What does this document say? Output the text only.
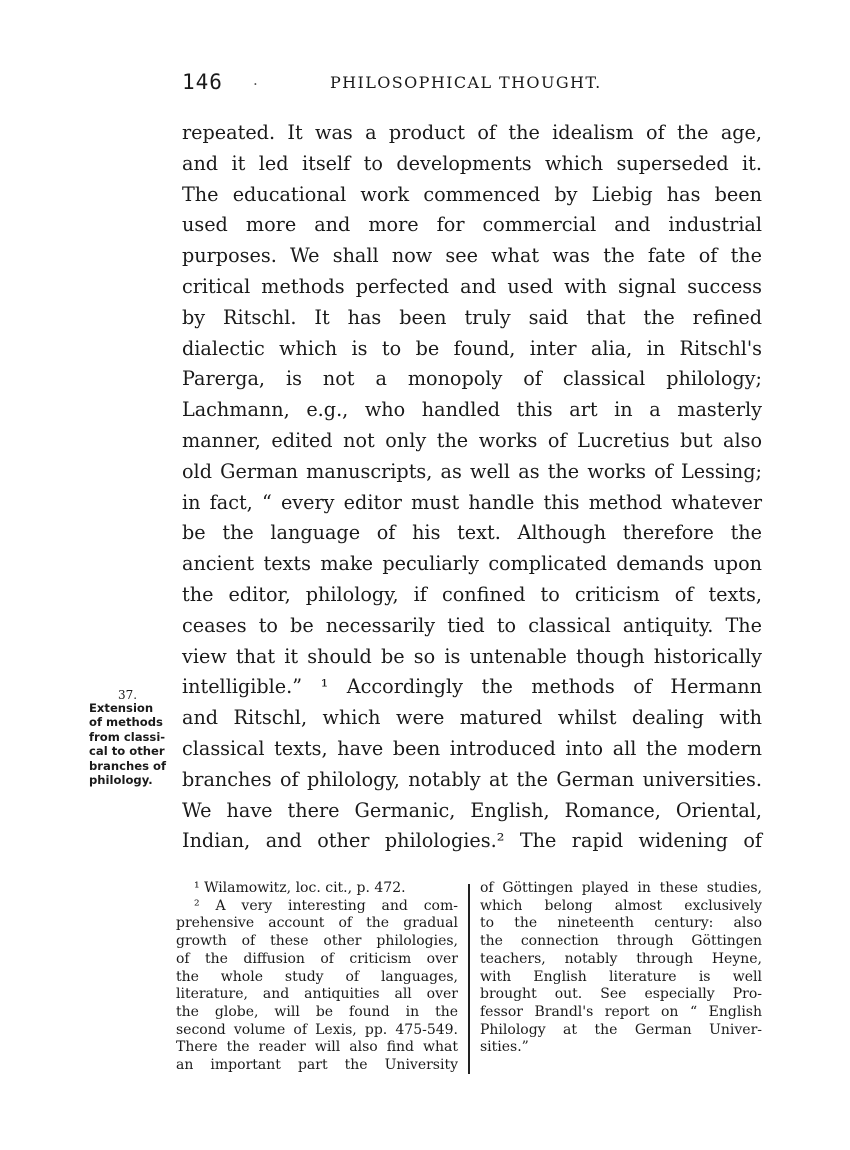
146 .	PHILOSOPHICAL THOUGHT.
repeated. It was a product of the idealism of the age,
and it led itself to developments which superseded it.
The educational work commenced by Liebig has been
used more and more for commercial and industrial
purposes. We shall now see what was the fate of the
critical methods perfected and used with signal success
by Ritschl. It has been truly said that the refined
dialectic which is to be found, inter alia, in Ritschl's
Parerga, is not a monopoly of classical philology;
Lachmann, e.g., who handled this art in a masterly
manner, edited not only the works of Lucretius but also
old German manuscripts, as well as the works of Lessing;
in fact, “ every editor must handle this method whatever
be the language of his text. Although therefore the
ancient texts make peculiarly complicated demands upon
the editor, philology, if confined to criticism of texts,
ceases to be necessarily tied to classical antiquity. The
view that it should be so is untenable though historically
intelligible.” ¹ Accordingly the methods of Hermann
and Ritschl, which were matured whilst dealing with
classical texts, have been introduced into all the modern
branches of philology, notably at the German universities.
We have there Germanic, English, Romance, Oriental,
Indian, and other philologies.² The rapid widening of
37.
Extension
of methods
from classi-
cal to other
branches of
philology.
¹ Wilamowitz, loc. cit., p. 472.
² A very interesting and com-
prehensive account of the gradual
growth of these other philologies,
of the diffusion of criticism over
the whole study of languages,
literature, and antiquities all over
the globe, will be found in the
second volume of Lexis, pp. 475-549.
There the reader will also find what
an important part the University
of Göttingen played in these studies,
which belong almost exclusively
to the nineteenth century: also
the connection through Göttingen
teachers, notably through Heyne,
with English literature is well
brought out. See especially Pro-
fessor Brandl's report on “ English
Philology at the German Univer-
sities.”
